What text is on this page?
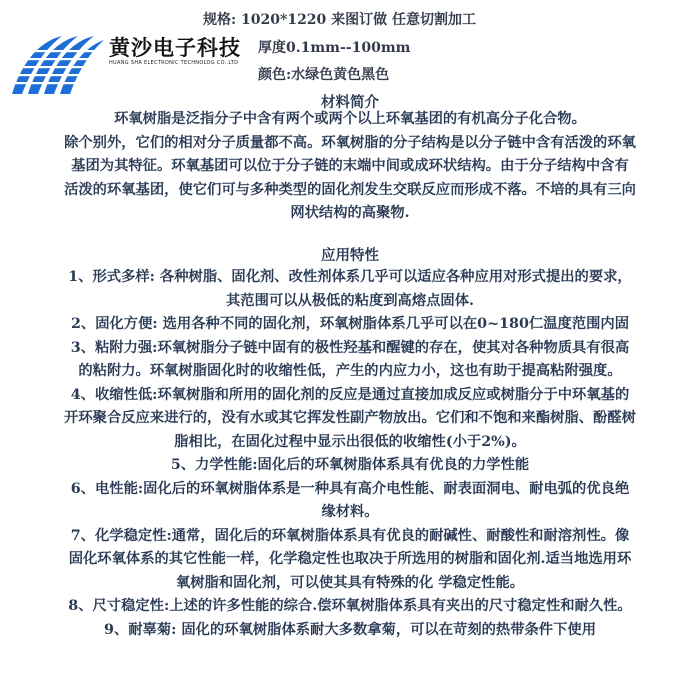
黄沙电子科技
HUANG SHA ELECTRONIC TECHNOLOG CO.,LTD
规格: 1020*1220 来图订做 任意切割加工
厚度0.1mm--100mm
颜色:水绿色黄色黑色
材料简介
环氧树脂是泛指分子中含有两个或两个以上环氧基团的有机高分子化合物。
除个别外，它们的相对分子质量都不高。环氧树脂的分子结构是以分子链中含有活泼的环氧
基团为其特征。环氧基团可以位于分子链的末端中间或成环状结构。由于分子结构中含有
活泼的环氧基团，使它们可与多种类型的固化剂发生交联反应而形成不落。不培的具有三向
网状结构的高聚物.
应用特性
1、形式多样: 各种树脂、固化剂、改性剂体系几乎可以适应各种应用对形式提出的要求，
其范围可以从极低的粘度到高熔点固体.
2、固化方便: 选用各种不同的固化剂，环氧树脂体系几乎可以在0~180仁温度范围内固
3、粘附力强:环氧树脂分子链中固有的极性羟基和醒键的存在，使其对各种物质具有很高
的粘附力。环氧树脂固化时的收缩性低，产生的内应力小，这也有助于提高粘附强度。
4、收缩性低:环氧树脂和所用的固化剂的反应是通过直接加成反应或树脂分于中环氧基的
开环聚合反应来进行的，没有水或其它挥发性副产物放出。它们和不饱和来酯树脂、酚醛树
脂相比，在固化过程中显示出很低的收缩性(小于2%)。
5、力学性能:固化后的环氧树脂体系具有优良的力学性能
6、电性能:固化后的环氧树脂体系是一种具有高介电性能、耐表面洞电、耐电弧的优良绝
缘材料。
7、化学稳定性:通常，固化后的环氧树脂体系具有优良的耐碱性、耐酸性和耐溶剂性。像
固化环氧体系的其它性能一样，化学稳定性也取决于所选用的树脂和固化剂.适当地选用环
氧树脂和固化剂，可以使其具有特殊的化 学稳定性能。
8、尺寸稳定性:上述的许多性能的综合.偿环氧树脂体系具有夹出的尺寸稳定性和耐久性。
9、耐辜菊: 固化的环氧树脂体系耐大多数拿菊，可以在苛刻的热带条件下使用
